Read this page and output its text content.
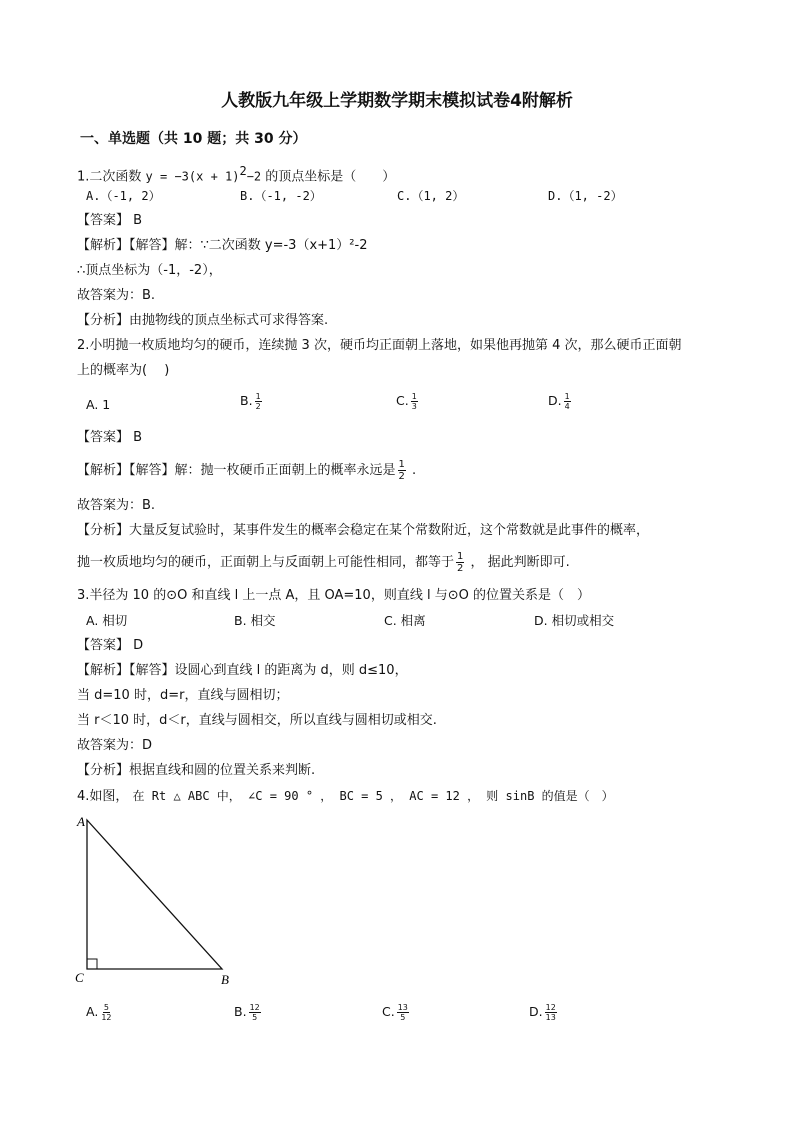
人教版九年级上学期数学期末模拟试卷4附解析
一、单选题（共 10 题；共 30 分）
1.二次函数 $y = -3(x + 1)^2-2$ 的顶点坐标是（　　）
A.（-1, 2）	B.（-1, -2）	C.（1, 2）	D.（1, -2）
【答案】 B
【解析】【解答】解：∵二次函数 y=-3（x+1）²-2
∴顶点坐标为（-1，-2），
故答案为：B.
【分析】由抛物线的顶点坐标式可求得答案.
2.小明抛一枚质地均匀的硬币，连续抛 3 次，硬币均正面朝上落地，如果他再抛第 4 次，那么硬币正面朝
上的概率为(　 )
A. 1	B. $\frac{1}{2}$	C. $\frac{1}{3}$	D. $\frac{1}{4}$
【答案】 B
【解析】【解答】解：抛一枚硬币正面朝上的概率永远是 $\frac{1}{2}$ .
故答案为：B.
【分析】大量反复试验时，某事件发生的概率会稳定在某个常数附近，这个常数就是此事件的概率，
抛一枚质地均匀的硬币，正面朝上与反面朝上可能性相同，都等于 $\frac{1}{2}$ ， 据此判断即可.
3.半径为 10 的⊙O 和直线 l 上一点 A，且 OA=10，则直线 l 与⊙O 的位置关系是（　）
A. 相切	B. 相交	C. 相离	D. 相切或相交
【答案】 D
【解析】【解答】设圆心到直线 l 的距离为 d，则 d≤10，
当 d=10 时，d=r，直线与圆相切；
当 r＜10 时，d＜r，直线与圆相交，所以直线与圆相切或相交.
故答案为：D
【分析】根据直线和圆的位置关系来判断.
4.如图， 在 Rt △ ABC 中， ∠C = 90 ° ， BC = 5 ， AC = 12 ， 则 sinB 的值是（　）
A
C	B
A. $\frac{5}{12}$	B. $\frac{12}{5}$	C. $\frac{13}{5}$	D. $\frac{12}{13}$
